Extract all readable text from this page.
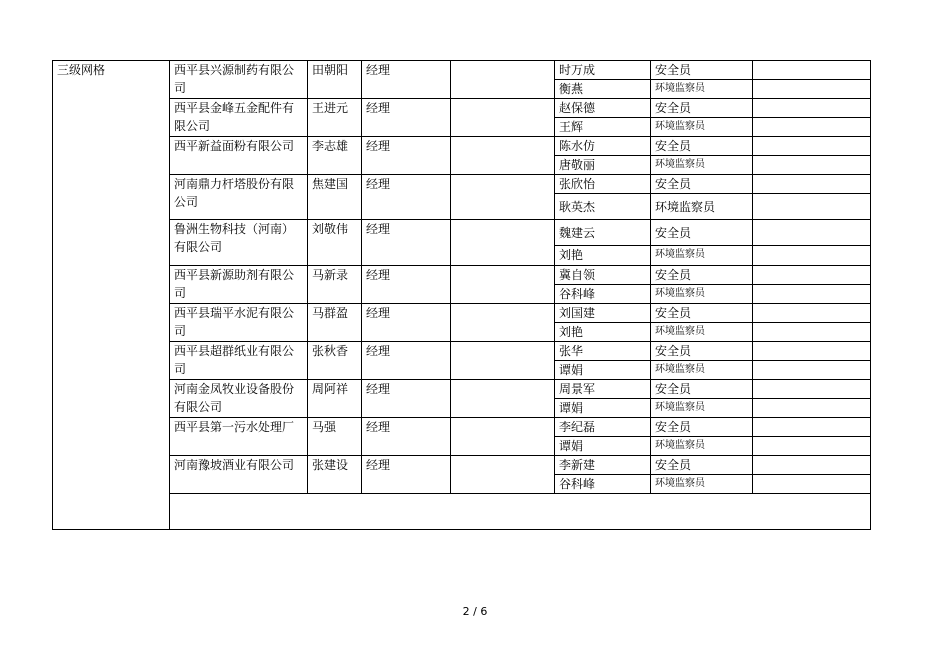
三级网格	西平县兴源制药有限公司	田朝阳	经理		时万成	安全员	
					衡燕	环境监察员	
	西平县金峰五金配件有限公司	王进元	经理		赵保德	安全员	
					王辉	环境监察员	
	西平新益面粉有限公司	李志雄	经理		陈水仿	安全员	
					唐敬丽	环境监察员	
	河南鼎力杆塔股份有限公司	焦建国	经理		张欣怡	安全员	
					耿英杰	环境监察员	
	鲁洲生物科技（河南）有限公司	刘敬伟	经理		魏建云	安全员	
					刘艳	环境监察员	
	西平县新源助剂有限公司	马新录	经理		冀自领	安全员	
					谷科峰	环境监察员	
	西平县瑞平水泥有限公司	马群盈	经理		刘国建	安全员	
					刘艳	环境监察员	
	西平县超群纸业有限公司	张秋香	经理		张华	安全员	
					谭娟	环境监察员	
	河南金凤牧业设备股份有限公司	周阿祥	经理		周景军	安全员	
					谭娟	环境监察员	
	西平县第一污水处理厂	马强	经理		李纪磊	安全员	
					谭娟	环境监察员	
	河南豫坡酒业有限公司	张建设	经理		李新建	安全员	
					谷科峰	环境监察员	

2 / 6
